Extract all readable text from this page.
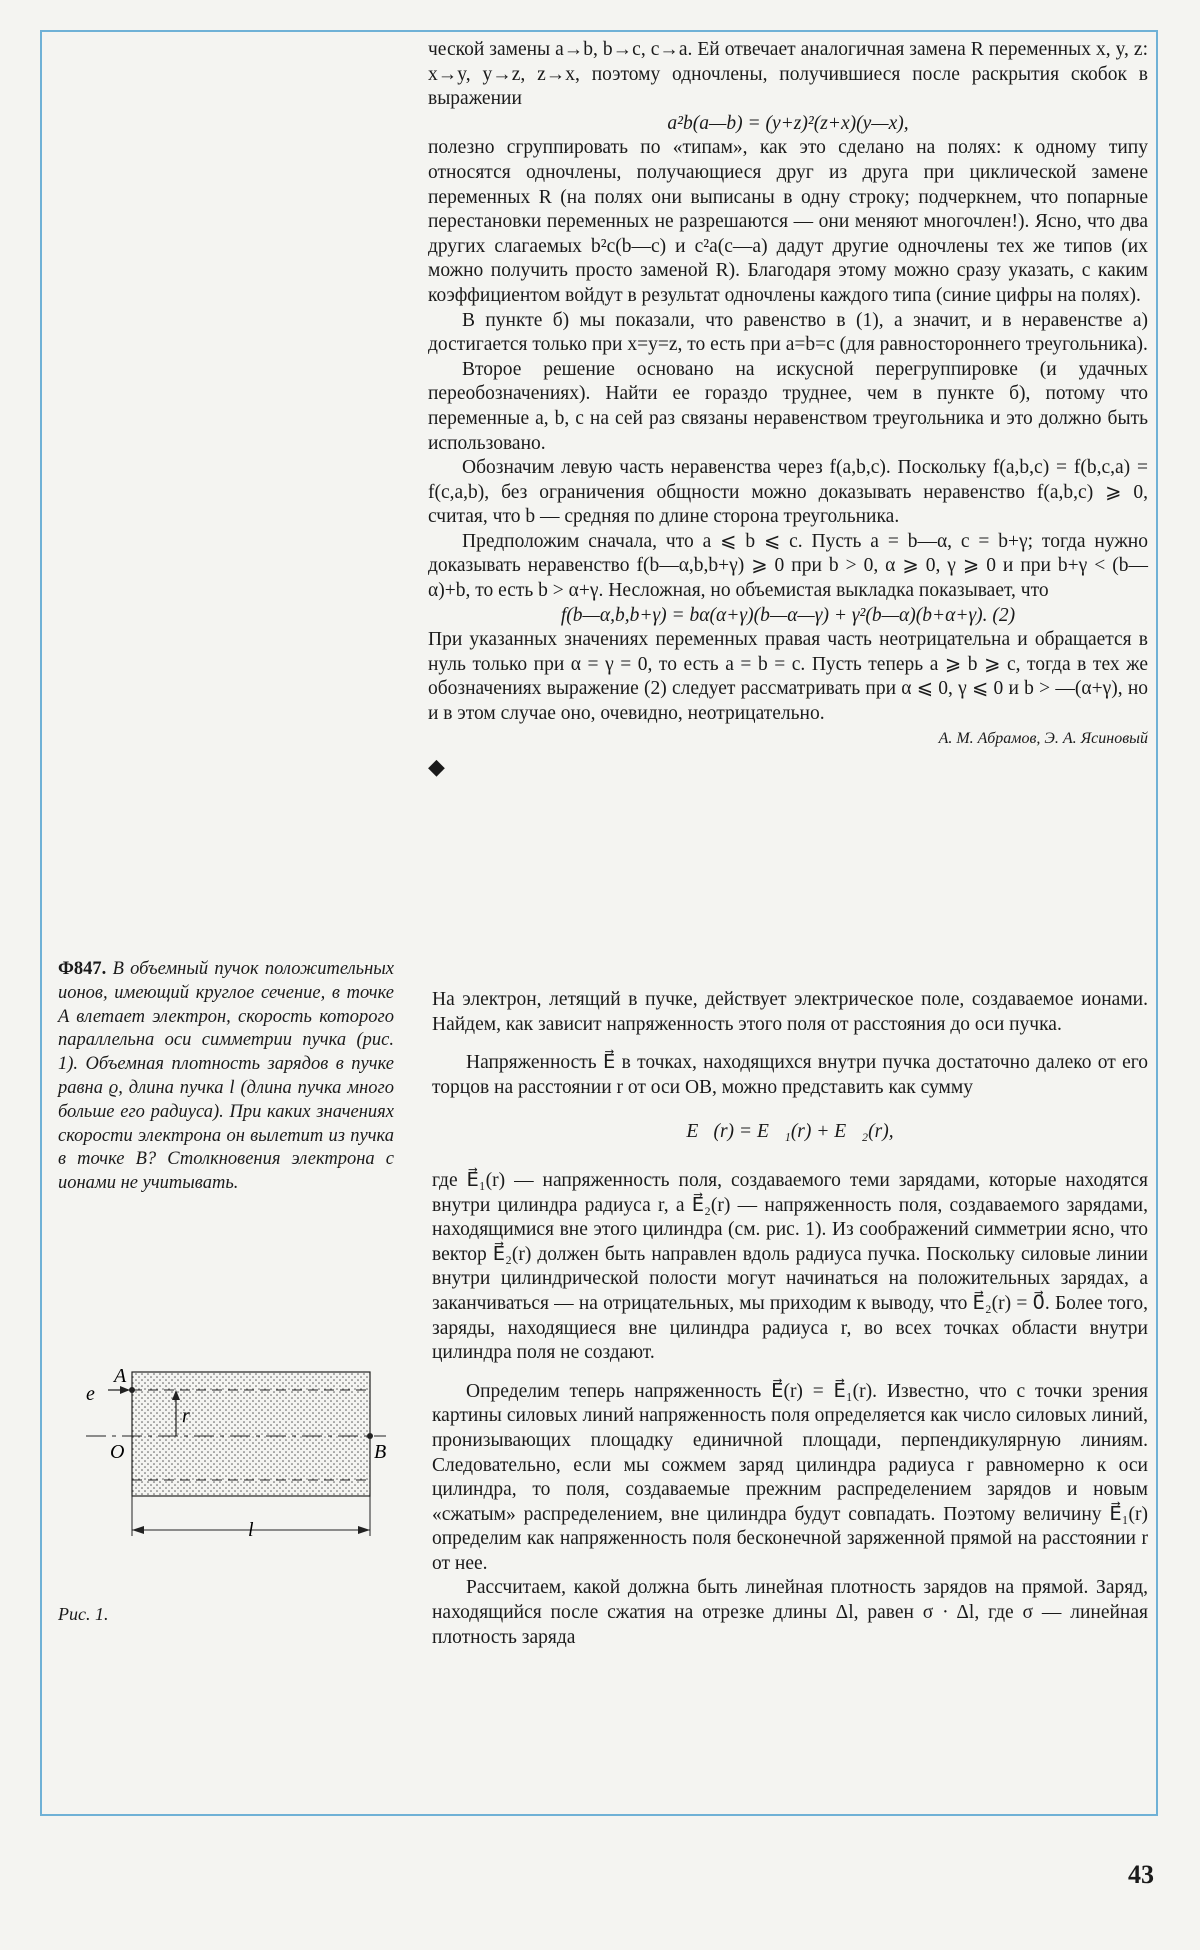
ческой замены a→b, b→c, c→a. Ей отвечает аналогичная замена R переменных x, y, z: x→y, y→z, z→x, поэтому одночлены, получившиеся после раскрытия скобок в выражении

a²b(a—b) = (y+z)²(z+x)(y—x),

полезно сгруппировать по «типам», как это сделано на полях: к одному типу относятся одночлены, получающиеся друг из друга при циклической замене переменных R (на полях они выписаны в одну строку; подчеркнем, что попарные перестановки переменных не разрешаются — они меняют многочлен!). Ясно, что два других слагаемых b²c(b—c) и c²a(c—a) дадут другие одночлены тех же типов (их можно получить просто заменой R). Благодаря этому можно сразу указать, с каким коэффициентом войдут в результат одночлены каждого типа (синие цифры на полях).

В пункте б) мы показали, что равенство в (1), а значит, и в неравенстве а) достигается только при x=y=z, то есть при a=b=c (для равностороннего треугольника).

Второе решение основано на искусной перегруппировке (и удачных переобозначениях). Найти ее гораздо труднее, чем в пункте б), потому что переменные a, b, c на сей раз связаны неравенством треугольника и это должно быть использовано.

Обозначим левую часть неравенства через f(a,b,c). Поскольку f(a,b,c) = f(b,c,a) = f(c,a,b), без ограничения общности можно доказывать неравенство f(a,b,c) ⩾ 0, считая, что b — средняя по длине сторона треугольника.

Предположим сначала, что a ⩽ b ⩽ c. Пусть a = b—α, c = b+γ; тогда нужно доказывать неравенство f(b—α,b,b+γ) ⩾ 0 при b > 0, α ⩾ 0, γ ⩾ 0 и при b+γ < (b—α)+b, то есть b > α+γ. Несложная, но объемистая выкладка показывает, что

f(b—α,b,b+γ) = bα(α+γ)(b—α—γ) + γ²(b—α)(b+α+γ). (2)

При указанных значениях переменных правая часть неотрицательна и обращается в нуль только при α = γ = 0, то есть a = b = c. Пусть теперь a ⩾ b ⩾ c, тогда в тех же обозначениях выражение (2) следует рассматривать при α ⩽ 0, γ ⩽ 0 и b > —(α+γ), но и в этом случае оно, очевидно, неотрицательно.

А. М. Абрамов, Э. А. Ясиновый

◆
Ф847. В объемный пучок положительных ионов, имеющий круглое сечение, в точке A влетает электрон, скорость которого параллельна оси симметрии пучка (рис. 1). Объемная плотность зарядов в пучке равна ϱ, длина пучка l (длина пучка много больше его радиуса). При каких значениях скорости электрона он вылетит из пучка в точке B? Столкновения электрона с ионами не учитывать.

На электрон, летящий в пучке, действует электрическое поле, создаваемое ионами. Найдем, как зависит напряженность этого поля от расстояния до оси пучка.

Напряженность E⃗ в точках, находящихся внутри пучка достаточно далеко от его торцов на расстоянии r от оси OB, можно представить как сумму

E⃗(r) = E⃗₁(r) + E⃗₂(r),

где E⃗₁(r) — напряженность поля, создаваемого теми зарядами, которые находятся внутри цилиндра радиуса r, а E⃗₂(r) — напряженность поля, создаваемого зарядами, находящимися вне этого цилиндра (см. рис. 1). Из соображений симметрии ясно, что вектор E⃗₂(r) должен быть направлен вдоль радиуса пучка. Поскольку силовые линии внутри цилиндрической полости могут начинаться на положительных зарядах, а заканчиваться — на отрицательных, мы приходим к выводу, что E⃗₂(r) = 0⃗. Более того, заряды, находящиеся вне цилиндра радиуса r, во всех точках области внутри цилиндра поля не создают.

Определим теперь напряженность E⃗(r) = E⃗₁(r). Известно, что с точки зрения картины силовых линий напряженность поля определяется как число силовых линий, пронизывающих площадку единичной площади, перпендикулярную линиям. Следовательно, если мы сожмем заряд цилиндра радиуса r равномерно к оси цилиндра, то поля, создаваемые прежним распределением зарядов и новым «сжатым» распределением, вне цилиндра будут совпадать. Поэтому величину E⃗₁(r) определим как напряженность поля бесконечной заряженной прямой на расстоянии r от нее.

Рассчитаем, какой должна быть линейная плотность зарядов на прямой. Заряд, находящийся после сжатия на отрезке длины Δl, равен σ · Δl, где σ — линейная плотность заряда

A
e
r
O	B
l
Рис. 1.
43
